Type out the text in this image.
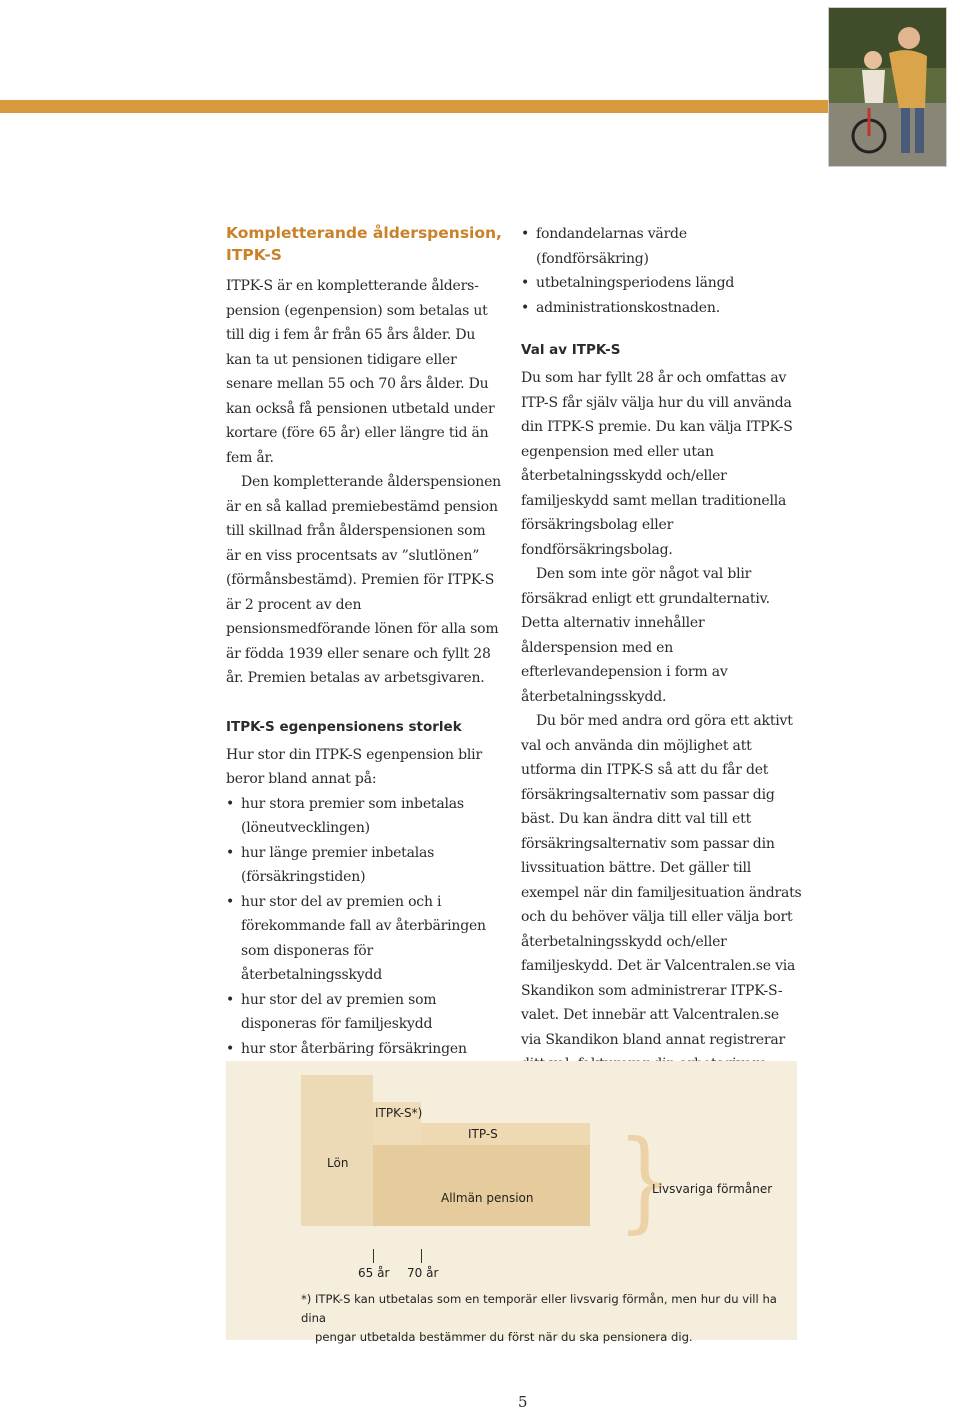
Kompletterande ålderspension, ITPK-S

ITPK-S är en kompletterande ålderspension (egenpension) som betalas ut till dig i fem år från 65 års ålder. Du kan ta ut pensionen tidigare eller senare mellan 55 och 70 års ålder. Du kan också få pensionen utbetald under kortare (före 65 år) eller längre tid än fem år.

Den kompletterande ålderspensionen är en så kallad premiebestämd pension till skillnad från ålderspensionen som är en viss procentsats av ”slutlönen” (förmånsbestämd). Premien för ITPK-S är 2 procent av den pensionsmedförande lönen för alla som är födda 1939 eller senare och fyllt 28 år. Premien betalas av arbetsgivaren.

ITPK-S egenpensionens storlek

Hur stor din ITPK-S egenpension blir beror bland annat på:

• hur stora premier som inbetalas (löneutvecklingen)
• hur länge premier inbetalas (försäkringstiden)
• hur stor del av premien och i förekommande fall av återbäringen som disponeras för återbetalningsskydd
• hur stor del av premien som disponeras för familjeskydd
• hur stor återbäring försäkringen
• fondandelarnas värde (fondförsäkring)
• utbetalningsperiodens längd
• administrationskostnaden.
Val av ITPK-S

Du som har fyllt 28 år och omfattas av ITP-S får själv välja hur du vill använda din ITPK-S premie. Du kan välja ITPK-S egenpension med eller utan återbetalningsskydd och/eller familjeskydd samt mellan traditionella försäkringsbolag eller fondförsäkringsbolag.

Den som inte gör något val blir försäkrad enligt ett grundalternativ. Detta alternativ innehåller ålderspension med en efterlevandepension i form av återbetalningsskydd.

Du bör med andra ord göra ett aktivt val och använda din möjlighet att utforma din ITPK-S så att du får det försäkringsalternativ som passar dig bäst. Du kan ändra ditt val till ett försäkringsalternativ som passar din livssituation bättre. Det gäller till exempel när din familjesituation ändrats och du behöver välja till eller välja bort återbetalningsskydd och/eller familjeskydd. Det är Valcentralen.se via Skandikon som administrerar ITPK-S-valet. Det innebär att Valcentralen.se via Skandikon bland annat registrerar

Lön
ITPK-S*)
ITP-S
Allmän pension }
Livsvariga förmåner
65 år 70 år
*) ITPK-S kan utbetalas som en temporär eller livsvarig förmån, men hur du vill ha dina
pengar utbetalda bestämmer du först när du ska pensionera dig.
5
